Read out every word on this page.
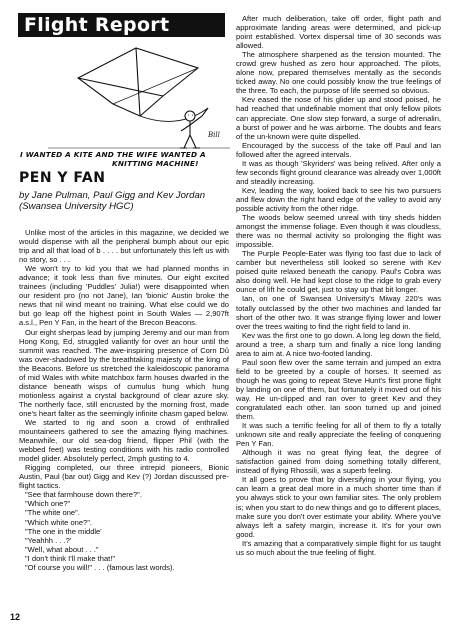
Flight Report
Bill
I WANTED A KITE AND THE WIFE WANTED A
KNITTING MACHINE!
PEN Y FAN
by Jane Pulman, Paul Gigg and Kev Jordan (Swansea University HGC)

Unlike most of the articles in this magazine, we decided we would dispense with all the peripheral bumph about our epic trip and all that load of b . . . . but unfortunately this left us with no story, so . . .

We won't try to kid you that we had planned months in advance; it took less than five minutes. Our eight excited trainees (including 'Puddles' Julia!) were disappointed when our resident pro (no not Jane), Ian 'bionic' Austin broke the news that nil wind meant no training. What else could we do but go leap off the highest point in South Wales — 2,907ft a.s.l., Pen Y Fan, in the heart of the Brecon Beacons.

Our eight sherpas lead by jumping Jeremy and our man from Hong Kong, Ed, struggled valiantly for over an hour until the summit was reached. The awe-inspiring presence of Corn Dû was over-shadowed by the breathtaking majesty of the king of the Beacons. Before us stretched the kaleidoscopic panorama of mid Wales with white matchbox farm houses dwarfed in the distance beneath wisps of cumulus hung which hung motionless against a crystal background of clear azure sky. The northerly face, still encrusted by the morning frost, made one's heart falter as the seemingly infinite chasm gaped below.

We started to rig and soon a crowd of enthralled mountaineers gathered to see the amazing flying machines. Meanwhile, our old sea-dog friend, flipper Phil (with the webbed feet) was testing conditions with his radio controlled model glider. Absolutely perfect, 2mph gusting to 4.

Rigging completed, our three intrepid pioneers, Bionic Austin, Paul (bar out) Gigg and Kev (?) Jordan discussed pre-flight tactics.

"See that farmhouse down there?".

"Which one?"

"The white one".

"Which white one?".

"The one in the middle'

"Yeahhh . . .?'

"Well, what about . . ."

"I don't think I'll make that!"

"Of course you will!" . . . (famous last words).

After much deliberation, take off order, flight path and approximate landing areas were determined, and pick-up point established. Vortex dispersal time of 30 seconds was allowed.

The atmosphere sharpened as the tension mounted. The crowd grew hushed as zero hour approached. The pilots, alone now, prepared themselves mentally as the seconds ticked away. No one could possibly know the true feelings of the three. To each, the purpose of life seemed so obvious.

Kev eased the nose of his glider up and stood poised, he had reached that undefinable moment that only fellow pilots can appreciate. One slow step forward, a surge of adrenalin, a burst of power and he was airborne. The doubts and fears of the un-known were quite dispelled.

Encouraged by the success of the take off Paul and Ian followed after the agreed intervals.

It was as though 'Skyriders' was being relived. After only a few seconds flight ground clearance was already over 1,000ft and steadily increasing.

Kev, leading the way, looked back to see his two pursuers and flew down the right hand edge of the valley to avoid any possible activity from the other ridge.

The woods below seemed unreal with tiny sheds hidden amongst the immense foliage. Even though it was cloudless, there was no thermal activity so prolonging the flight was impossible.

The Purple People-Eater was flying too fast due to lack of camber but nevertheless still looked so serene with Kev poised quite relaxed beneath the canopy. Paul's Cobra was also doing well. He had kept close to the ridge to grab every ounce of lift he could get, just to stay up that bit longer.

Ian, on one of Swansea University's Miway 220's was totally outclassed by the other two machines and landed far short of the other two. It was strange flying lower and lower over the trees waiting to find the right field to land in.

Kev was the first one to go down. A long leg down the field, around a tree, a sharp turn and finally a nice long landing area to aim at. A nice two-footed landing.

Paul soon flew over the same terrain and jumped an extra field to be greeted by a couple of horses. It seemed as though he was going to repeat Steve Hunt's first prone flight by landing on one of them, but fortunately it moved out of his way. He un-clipped and ran over to greet Kev and they congratulated each other. Ian soon turned up and joined them.

It was such a terrific feeling for all of them to fly a totally unknown site and really appreciate the feeling of conquering Pen Y Fan.

Although it was no great flying feat, the degree of satisfaction gained from doing something totally different, instead of flying Rhossili, was a superb feeling.

It all goes to prove that by diversifying in your flying, you can learn a great deal more in a much shorter time than if you always stick to your own familiar sites. The only problem is; when you start to do new things and go to different places, make sure you don't over estimate your ability. Where you've always left a safety margin, increase it. It's for your own good.

It's amazing that a comparatively simple flight for us taught us so much about the true feeling of flight.

12
